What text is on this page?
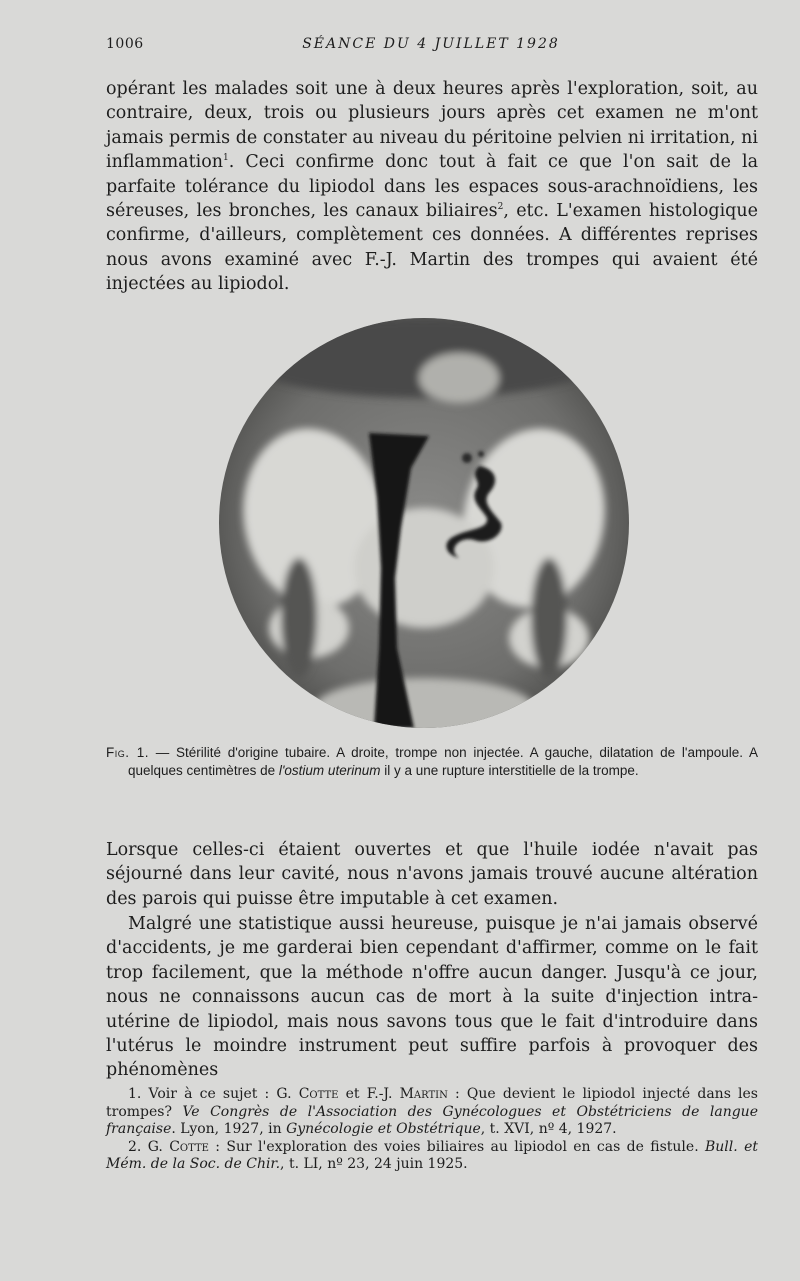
1006	SÉANCE DU 4 JUILLET 1928

opérant les malades soit une à deux heures après l'exploration, soit, au contraire, deux, trois ou plusieurs jours après cet examen ne m'ont jamais permis de constater au niveau du péritoine pelvien ni irritation, ni inflammation$^1$. Ceci confirme donc tout à fait ce que l'on sait de la parfaite tolérance du lipiodol dans les espaces sous-arachnoïdiens, les séreuses, les bronches, les canaux biliaires$^2$, etc. L'examen histologique confirme, d'ailleurs, complètement ces données. A différentes reprises nous avons examiné avec F.-J. Martin des trompes qui avaient été injectées au lipiodol.

Fig. 1. — Stérilité d'origine tubaire. A droite, trompe non injectée. A gauche, dilatation de l'ampoule. A quelques centimètres de l'ostium uterinum il y a une rupture interstitielle de la trompe.

Lorsque celles-ci étaient ouvertes et que l'huile iodée n'avait pas séjourné dans leur cavité, nous n'avons jamais trouvé aucune altération des parois qui puisse être imputable à cet examen.

Malgré une statistique aussi heureuse, puisque je n'ai jamais observé d'accidents, je me garderai bien cependant d'affirmer, comme on le fait trop facilement, que la méthode n'offre aucun danger. Jusqu'à ce jour, nous ne connaissons aucun cas de mort à la suite d'injection intra-utérine de lipiodol, mais nous savons tous que le fait d'introduire dans l'utérus le moindre instrument peut suffire parfois à provoquer des phénomènes

1. Voir à ce sujet : G. Cotte et F.-J. Martin : Que devient le lipiodol injecté dans les trompes? Ve Congrès de l'Association des Gynécologues et Obstétriciens de langue française. Lyon, 1927, in Gynécologie et Obstétrique, t. XVI, nº 4, 1927.

2. G. Cotte : Sur l'exploration des voies biliaires au lipiodol en cas de fistule. Bull. et Mém. de la Soc. de Chir., t. LI, nº 23, 24 juin 1925.
